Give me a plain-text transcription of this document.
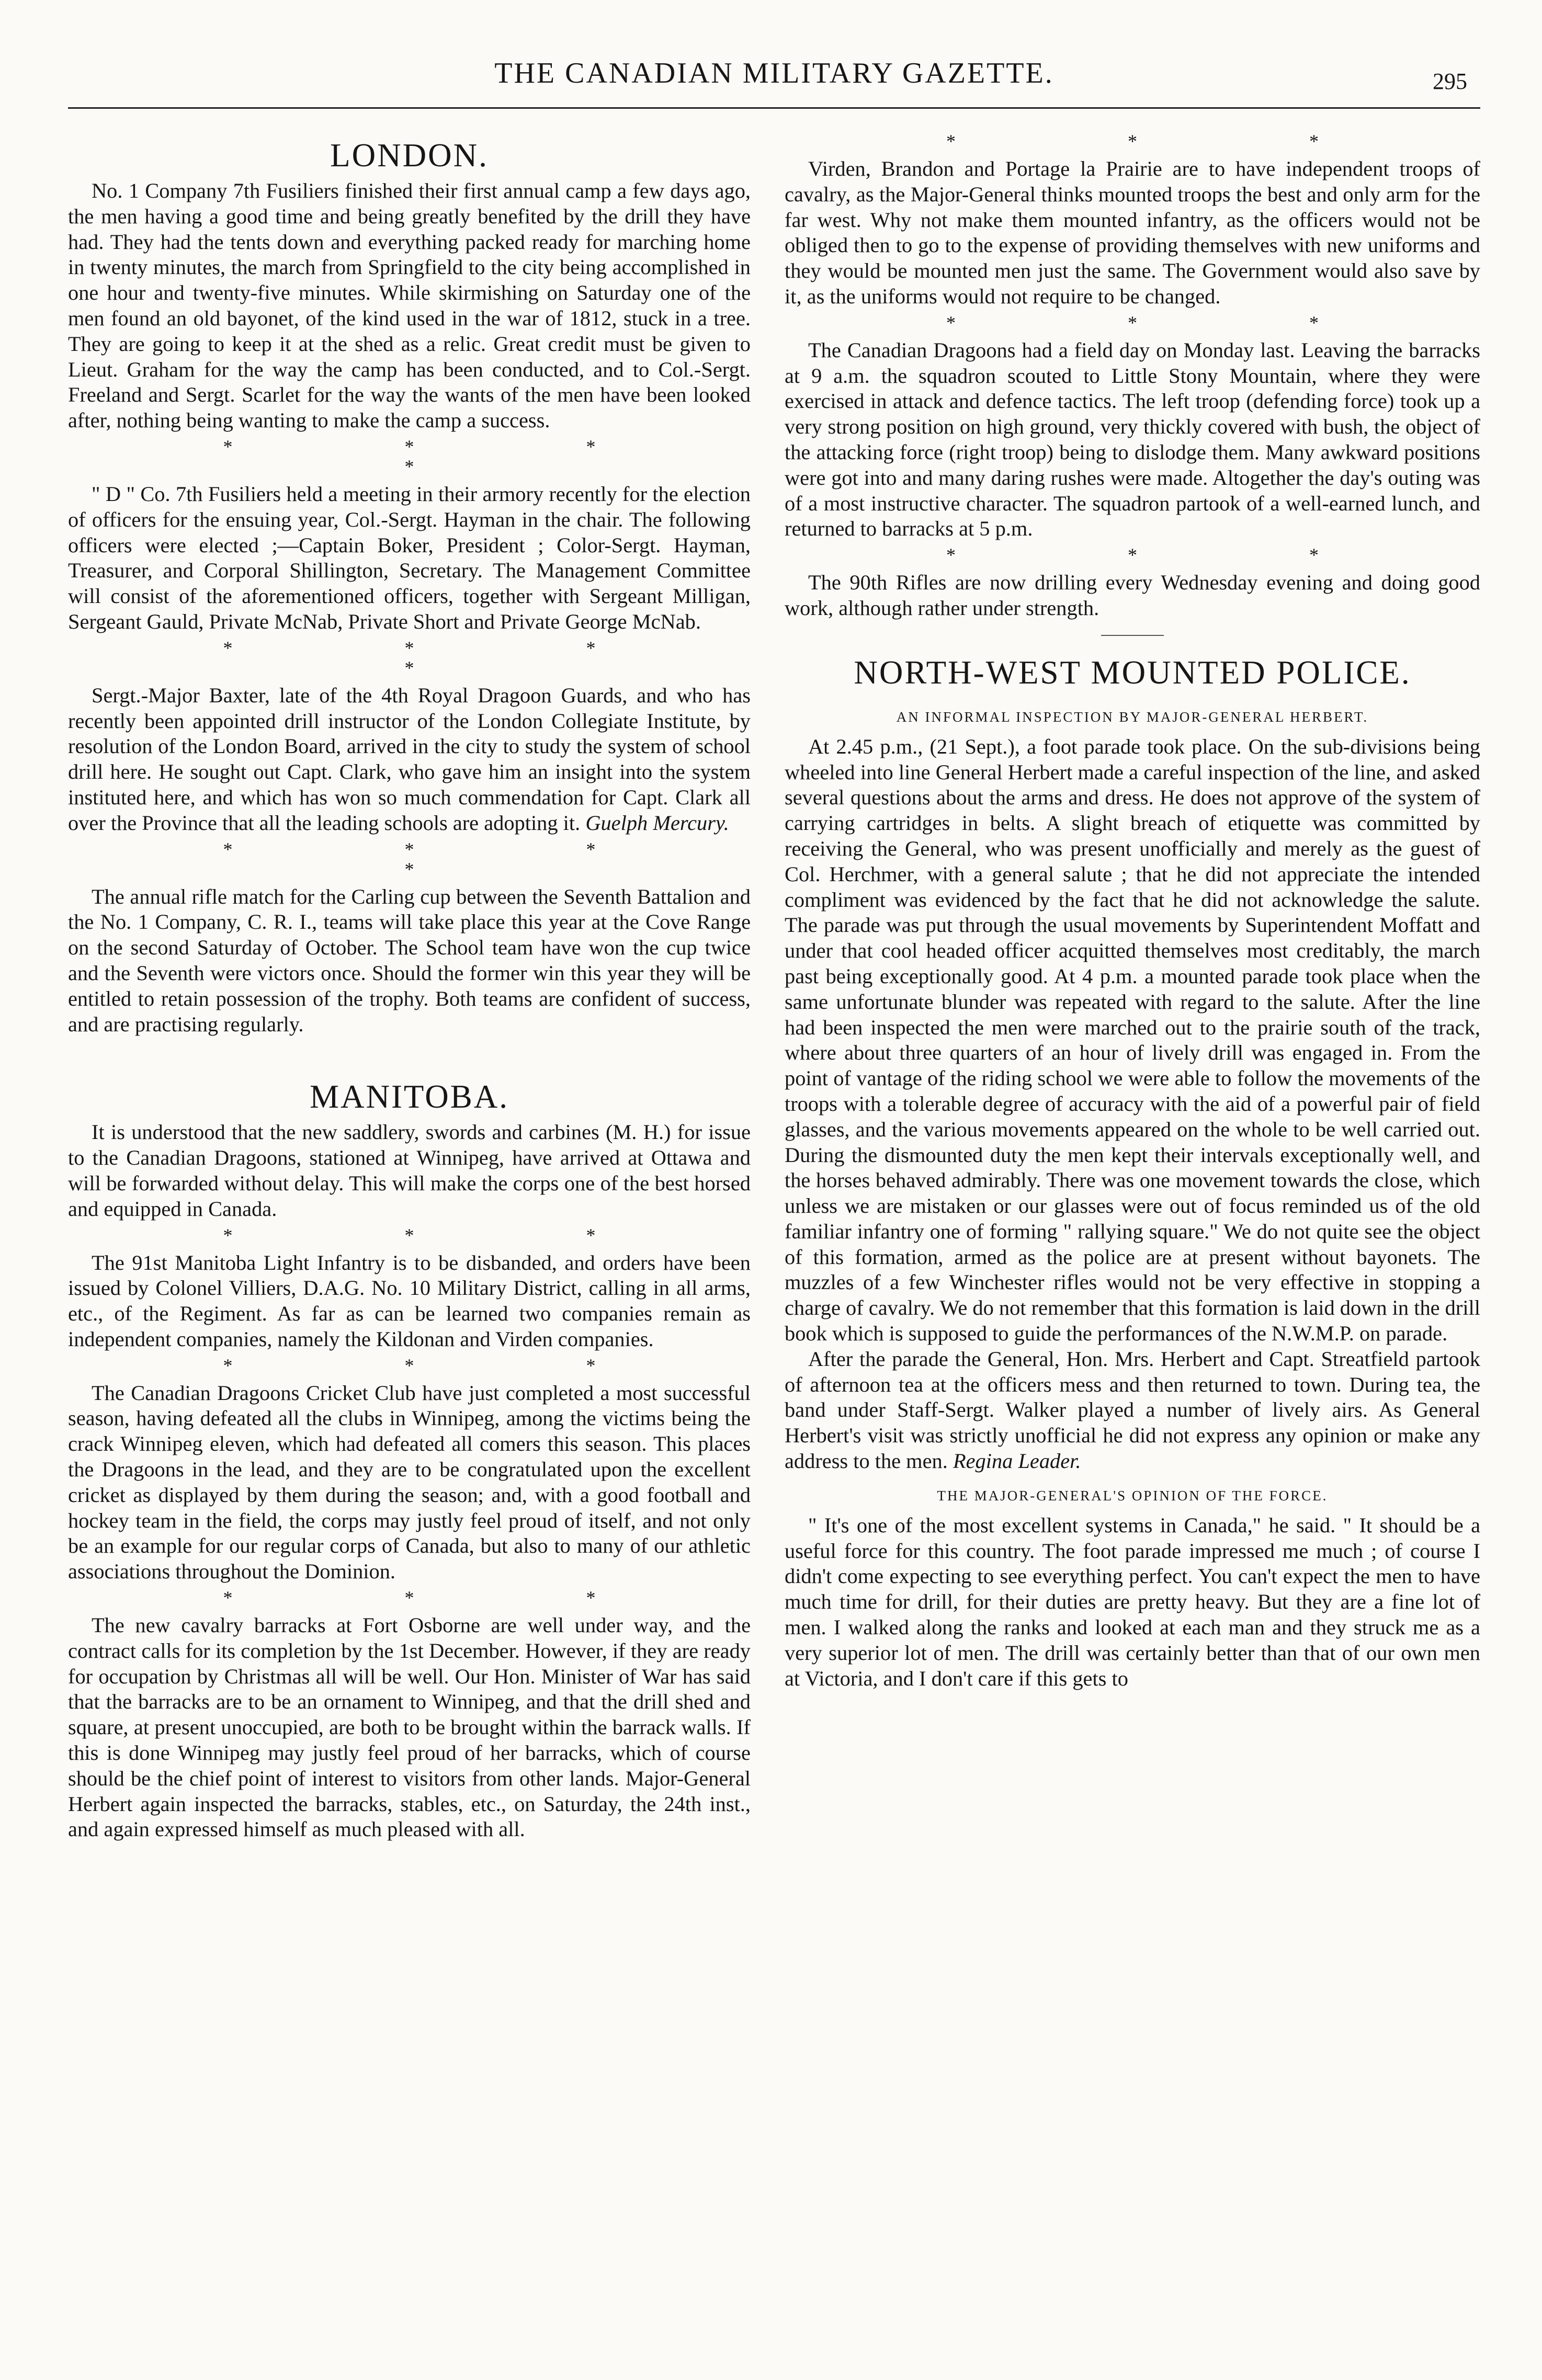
THE CANADIAN MILITARY GAZETTE.	295
LONDON.

No. 1 Company 7th Fusiliers finished their first annual camp a few days ago, the men having a good time and being greatly benefited by the drill they have had. They had the tents down and everything packed ready for marching home in twenty minutes, the march from Springfield to the city being accomplished in one hour and twenty-five minutes. While skirmishing on Saturday one of the men found an old bayonet, of the kind used in the war of 1812, stuck in a tree. They are going to keep it at the shed as a relic. Great credit must be given to Lieut. Graham for the way the camp has been conducted, and to Col.-Sergt. Freeland and Sergt. Scarlet for the way the wants of the men have been looked after, nothing being wanting to make the camp a success.

* * * *

" D " Co. 7th Fusiliers held a meeting in their armory recently for the election of officers for the ensuing year, Col.-Sergt. Hayman in the chair. The following officers were elected ;—Captain Boker, President ; Color-Sergt. Hayman, Treasurer, and Corporal Shillington, Secretary. The Management Committee will consist of the aforementioned officers, together with Sergeant Milligan, Sergeant Gauld, Private McNab, Private Short and Private George McNab.

* * * *

Sergt.-Major Baxter, late of the 4th Royal Dragoon Guards, and who has recently been appointed drill instructor of the London Collegiate Institute, by resolution of the London Board, arrived in the city to study the system of school drill here. He sought out Capt. Clark, who gave him an insight into the system instituted here, and which has won so much commendation for Capt. Clark all over the Province that all the leading schools are adopting it. Guelph Mercury.

* * * *

The annual rifle match for the Carling cup between the Seventh Battalion and the No. 1 Company, C. R. I., teams will take place this year at the Cove Range on the second Saturday of October. The School team have won the cup twice and the Seventh were victors once. Should the former win this year they will be entitled to retain possession of the trophy. Both teams are confident of success, and are practising regularly.

MANITOBA.

It is understood that the new saddlery, swords and carbines (M. H.) for issue to the Canadian Dragoons, stationed at Winnipeg, have arrived at Ottawa and will be forwarded without delay. This will make the corps one of the best horsed and equipped in Canada.

* * *

The 91st Manitoba Light Infantry is to be disbanded, and orders have been issued by Colonel Villiers, D.A.G. No. 10 Military District, calling in all arms, etc., of the Regiment. As far as can be learned two companies remain as independent companies, namely the Kildonan and Virden companies.

* * *

The Canadian Dragoons Cricket Club have just completed a most successful season, having defeated all the clubs in Winnipeg, among the victims being the crack Winnipeg eleven, which had defeated all comers this season. This places the Dragoons in the lead, and they are to be congratulated upon the excellent cricket as displayed by them during the season; and, with a good football and hockey team in the field, the corps may justly feel proud of itself, and not only be an example for our regular corps of Canada, but also to many of our athletic associations throughout the Dominion.

* * *

The new cavalry barracks at Fort Osborne are well under way, and the contract calls for its completion by the 1st December. However, if they are ready for occupation by Christmas all will be well. Our Hon. Minister of War has said that the barracks are to be an ornament to Winnipeg, and that the drill shed and square, at present unoccupied, are both to be brought within the barrack walls. If this is done Winnipeg may justly feel proud of her barracks, which of course should be the chief point of interest to visitors from other lands. Major-General Herbert again inspected the barracks, stables, etc., on Saturday, the 24th inst., and again expressed himself as much pleased with all.

* * *

Virden, Brandon and Portage la Prairie are to have independent troops of cavalry, as the Major-General thinks mounted troops the best and only arm for the far west. Why not make them mounted infantry, as the officers would not be obliged then to go to the expense of providing themselves with new uniforms and they would be mounted men just the same. The Government would also save by it, as the uniforms would not require to be changed.

* * *

The Canadian Dragoons had a field day on Monday last. Leaving the barracks at 9 a.m. the squadron scouted to Little Stony Mountain, where they were exercised in attack and defence tactics. The left troop (defending force) took up a very strong position on high ground, very thickly covered with bush, the object of the attacking force (right troop) being to dislodge them. Many awkward positions were got into and many daring rushes were made. Altogether the day's outing was of a most instructive character. The squadron partook of a well-earned lunch, and returned to barracks at 5 p.m.

* * *

The 90th Rifles are now drilling every Wednesday evening and doing good work, although rather under strength.

NORTH-WEST MOUNTED POLICE.
AN INFORMAL INSPECTION BY MAJOR-GENERAL HERBERT.

At 2.45 p.m., (21 Sept.), a foot parade took place. On the sub-divisions being wheeled into line General Herbert made a careful inspection of the line, and asked several questions about the arms and dress. He does not approve of the system of carrying cartridges in belts. A slight breach of etiquette was committed by receiving the General, who was present unofficially and merely as the guest of Col. Herchmer, with a general salute ; that he did not appreciate the intended compliment was evidenced by the fact that he did not acknowledge the salute. The parade was put through the usual movements by Superintendent Moffatt and under that cool headed officer acquitted themselves most creditably, the march past being exceptionally good. At 4 p.m. a mounted parade took place when the same unfortunate blunder was repeated with regard to the salute. After the line had been inspected the men were marched out to the prairie south of the track, where about three quarters of an hour of lively drill was engaged in. From the point of vantage of the riding school we were able to follow the movements of the troops with a tolerable degree of accuracy with the aid of a powerful pair of field glasses, and the various movements appeared on the whole to be well carried out. During the dismounted duty the men kept their intervals exceptionally well, and the horses behaved admirably. There was one movement towards the close, which unless we are mistaken or our glasses were out of focus reminded us of the old familiar infantry one of forming " rallying square." We do not quite see the object of this formation, armed as the police are at present without bayonets. The muzzles of a few Winchester rifles would not be very effective in stopping a charge of cavalry. We do not remember that this formation is laid down in the drill book which is supposed to guide the performances of the N.W.M.P. on parade.

After the parade the General, Hon. Mrs. Herbert and Capt. Streatfield partook of afternoon tea at the officers mess and then returned to town. During tea, the band under Staff-Sergt. Walker played a number of lively airs. As General Herbert's visit was strictly unofficial he did not express any opinion or make any address to the men. Regina Leader.

THE MAJOR-GENERAL'S OPINION OF THE FORCE.

" It's one of the most excellent systems in Canada," he said. " It should be a useful force for this country. The foot parade impressed me much ; of course I didn't come expecting to see everything perfect. You can't expect the men to have much time for drill, for their duties are pretty heavy. But they are a fine lot of men. I walked along the ranks and looked at each man and they struck me as a very superior lot of men. The drill was certainly better than that of our own men at Victoria, and I don't care if this gets to
